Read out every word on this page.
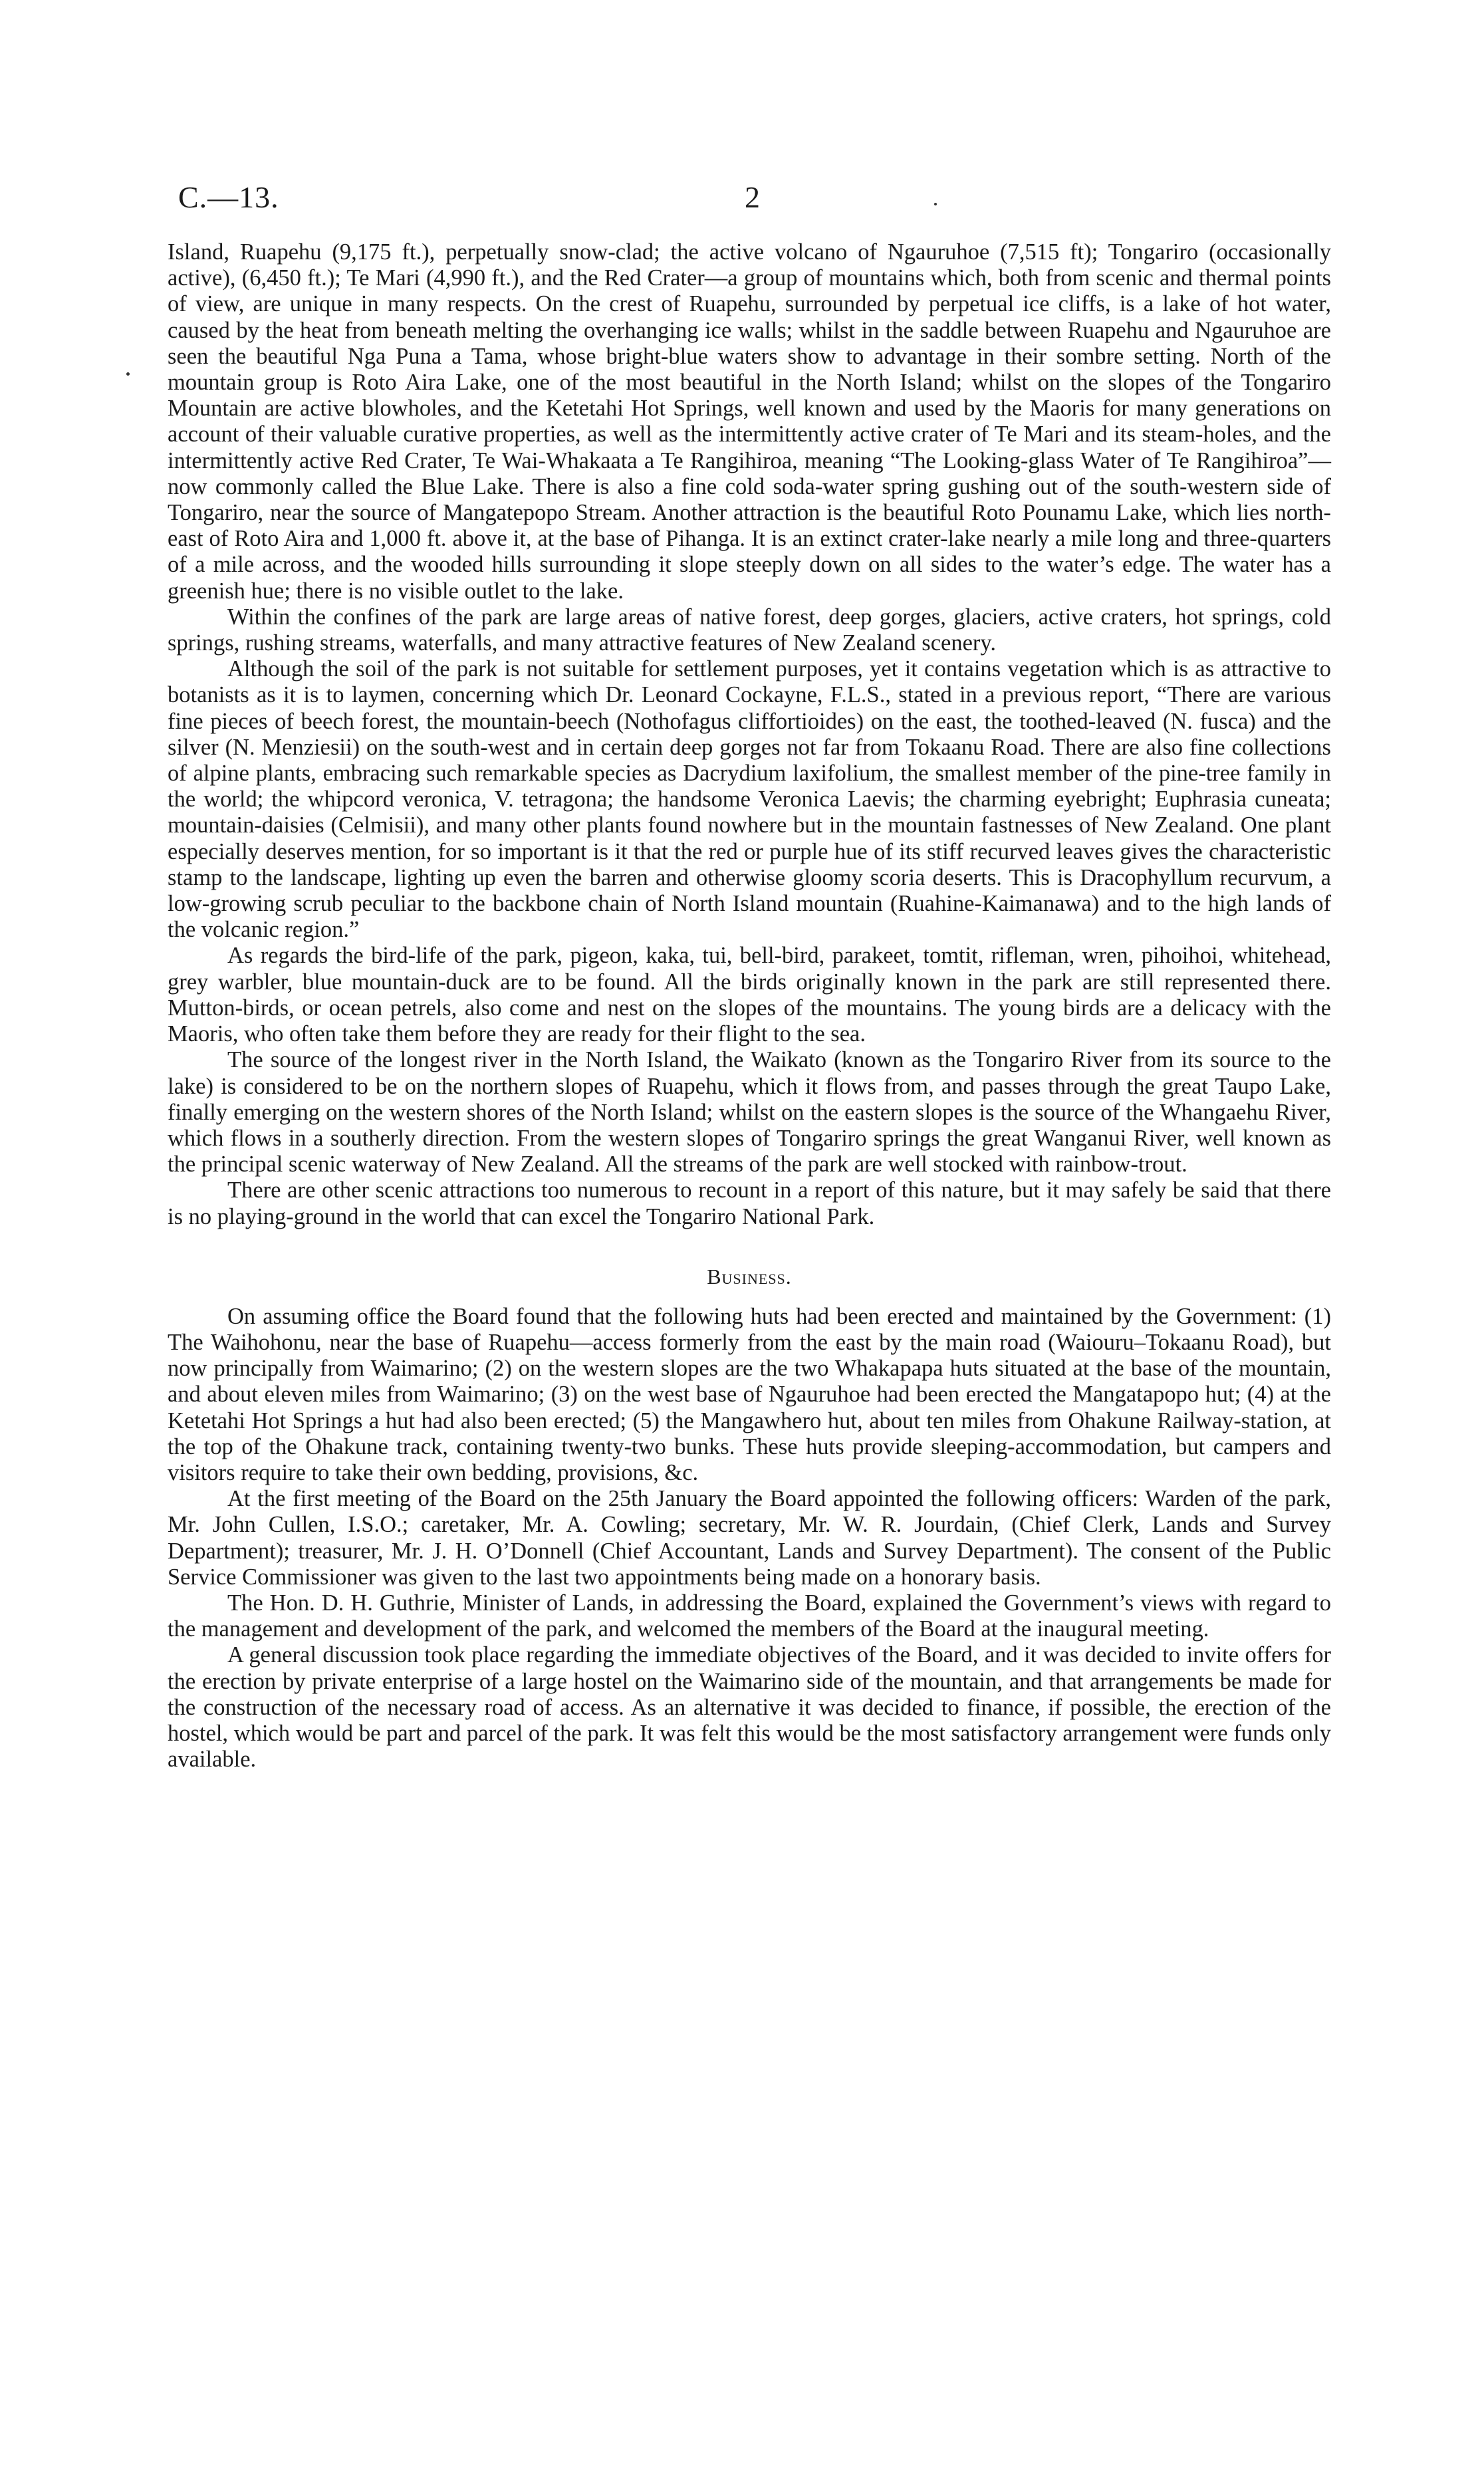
C.—13.	2

Island, Ruapehu (9,175 ft.), perpetually snow-clad; the active volcano of Ngauruhoe (7,515 ft); Tongariro (occasionally active), (6,450 ft.); Te Mari (4,990 ft.), and the Red Crater—a group of mountains which, both from scenic and thermal points of view, are unique in many respects. On the crest of Ruapehu, surrounded by perpetual ice cliffs, is a lake of hot water, caused by the heat from beneath melting the overhanging ice walls; whilst in the saddle between Ruapehu and Ngauruhoe are seen the beautiful Nga Puna a Tama, whose bright-blue waters show to advantage in their sombre setting. North of the mountain group is Roto Aira Lake, one of the most beautiful in the North Island; whilst on the slopes of the Tongariro Mountain are active blowholes, and the Ketetahi Hot Springs, well known and used by the Maoris for many generations on account of their valuable curative properties, as well as the intermittently active crater of Te Mari and its steam-holes, and the intermittently active Red Crater, Te Wai-Whakaata a Te Rangihiroa, meaning “The Looking-glass Water of Te Rangihiroa”—now commonly called the Blue Lake. There is also a fine cold soda-water spring gushing out of the south-western side of Tongariro, near the source of Mangatepopo Stream. Another attraction is the beautiful Roto Pounamu Lake, which lies north-east of Roto Aira and 1,000 ft. above it, at the base of Pihanga. It is an extinct crater-lake nearly a mile long and three-quarters of a mile across, and the wooded hills surrounding it slope steeply down on all sides to the water’s edge. The water has a greenish hue; there is no visible outlet to the lake.

Within the confines of the park are large areas of native forest, deep gorges, glaciers, active craters, hot springs, cold springs, rushing streams, waterfalls, and many attractive features of New Zealand scenery.

Although the soil of the park is not suitable for settlement purposes, yet it contains vegetation which is as attractive to botanists as it is to laymen, concerning which Dr. Leonard Cockayne, F.L.S., stated in a previous report, “There are various fine pieces of beech forest, the mountain-beech (Nothofagus cliffortioides) on the east, the toothed-leaved (N. fusca) and the silver (N. Menziesii) on the south-west and in certain deep gorges not far from Tokaanu Road. There are also fine collections of alpine plants, embracing such remarkable species as Dacrydium laxifolium, the smallest member of the pine-tree family in the world; the whipcord veronica, V. tetragona; the handsome Veronica Laevis; the charming eyebright; Euphrasia cuneata; mountain-daisies (Celmisii), and many other plants found nowhere but in the mountain fastnesses of New Zealand. One plant especially deserves mention, for so important is it that the red or purple hue of its stiff recurved leaves gives the characteristic stamp to the landscape, lighting up even the barren and otherwise gloomy scoria deserts. This is Dracophyllum recurvum, a low-growing scrub peculiar to the backbone chain of North Island mountain (Ruahine-Kaimanawa) and to the high lands of the volcanic region.”

As regards the bird-life of the park, pigeon, kaka, tui, bell-bird, parakeet, tomtit, rifleman, wren, pihoihoi, whitehead, grey warbler, blue mountain-duck are to be found. All the birds originally known in the park are still represented there. Mutton-birds, or ocean petrels, also come and nest on the slopes of the mountains. The young birds are a delicacy with the Maoris, who often take them before they are ready for their flight to the sea.

The source of the longest river in the North Island, the Waikato (known as the Tongariro River from its source to the lake) is considered to be on the northern slopes of Ruapehu, which it flows from, and passes through the great Taupo Lake, finally emerging on the western shores of the North Island; whilst on the eastern slopes is the source of the Whangaehu River, which flows in a southerly direction. From the western slopes of Tongariro springs the great Wanganui River, well known as the principal scenic waterway of New Zealand. All the streams of the park are well stocked with rainbow-trout.

There are other scenic attractions too numerous to recount in a report of this nature, but it may safely be said that there is no playing-ground in the world that can excel the Tongariro National Park.

Business.

On assuming office the Board found that the following huts had been erected and maintained by the Government: (1) The Waihohonu, near the base of Ruapehu—access formerly from the east by the main road (Waiouru–Tokaanu Road), but now principally from Waimarino; (2) on the western slopes are the two Whakapapa huts situated at the base of the mountain, and about eleven miles from Waimarino; (3) on the west base of Ngauruhoe had been erected the Mangatapopo hut; (4) at the Ketetahi Hot Springs a hut had also been erected; (5) the Mangawhero hut, about ten miles from Ohakune Railway-station, at the top of the Ohakune track, containing twenty-two bunks. These huts provide sleeping-accommodation, but campers and visitors require to take their own bedding, provisions, &c.

At the first meeting of the Board on the 25th January the Board appointed the following officers: Warden of the park, Mr. John Cullen, I.S.O.; caretaker, Mr. A. Cowling; secretary, Mr. W. R. Jourdain, (Chief Clerk, Lands and Survey Department); treasurer, Mr. J. H. O’Donnell (Chief Accountant, Lands and Survey Department). The consent of the Public Service Commissioner was given to the last two appointments being made on a honorary basis.

The Hon. D. H. Guthrie, Minister of Lands, in addressing the Board, explained the Government’s views with regard to the management and development of the park, and welcomed the members of the Board at the inaugural meeting.

A general discussion took place regarding the immediate objectives of the Board, and it was decided to invite offers for the erection by private enterprise of a large hostel on the Waimarino side of the mountain, and that arrangements be made for the construction of the necessary road of access. As an alternative it was decided to finance, if possible, the erection of the hostel, which would be part and parcel of the park. It was felt this would be the most satisfactory arrangement were funds only available.
